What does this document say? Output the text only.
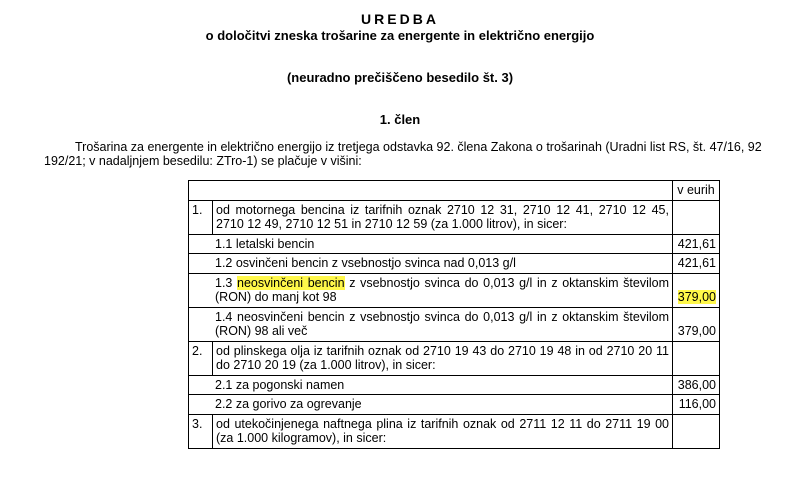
UREDBA
o določitvi zneska trošarine za energente in električno energijo
(neuradno prečiščeno besedilo št. 3)
1. člen
Trošarina za energente in električno energijo iz tretjega odstavka 92. člena Zakona o trošarinah (Uradni list RS, št. 47/16, 92
192/21; v nadaljnjem besedilu: ZTro-1) se plačuje v višini:
		v eurih
1.	od motornega bencina iz tarifnih oznak 2710 12 31, 2710 12 41, 2710 12 45, 2710 12 49, 2710 12 51 in 2710 12 59 (za 1.000 litrov), in sicer:	
1.1 letalski bencin		421,61
1.2 osvinčeni bencin z vsebnostjo svinca nad 0,013 g/l		421,61
1.3 neosvinčeni bencin z vsebnostjo svinca do 0,013 g/l in z oktanskim številom (RON) do manj kot 98		379,00
1.4 neosvinčeni bencin z vsebnostjo svinca do 0,013 g/l in z oktanskim številom (RON) 98 ali več		379,00
2.	od plinskega olja iz tarifnih oznak od 2710 19 43 do 2710 19 48 in od 2710 20 11 do 2710 20 19 (za 1.000 litrov), in sicer:	
2.1 za pogonski namen		386,00
2.2 za gorivo za ogrevanje		116,00
3.	od utekočinjenega naftnega plina iz tarifnih oznak od 2711 12 11 do 2711 19 00 (za 1.000 kilogramov), in sicer:	
